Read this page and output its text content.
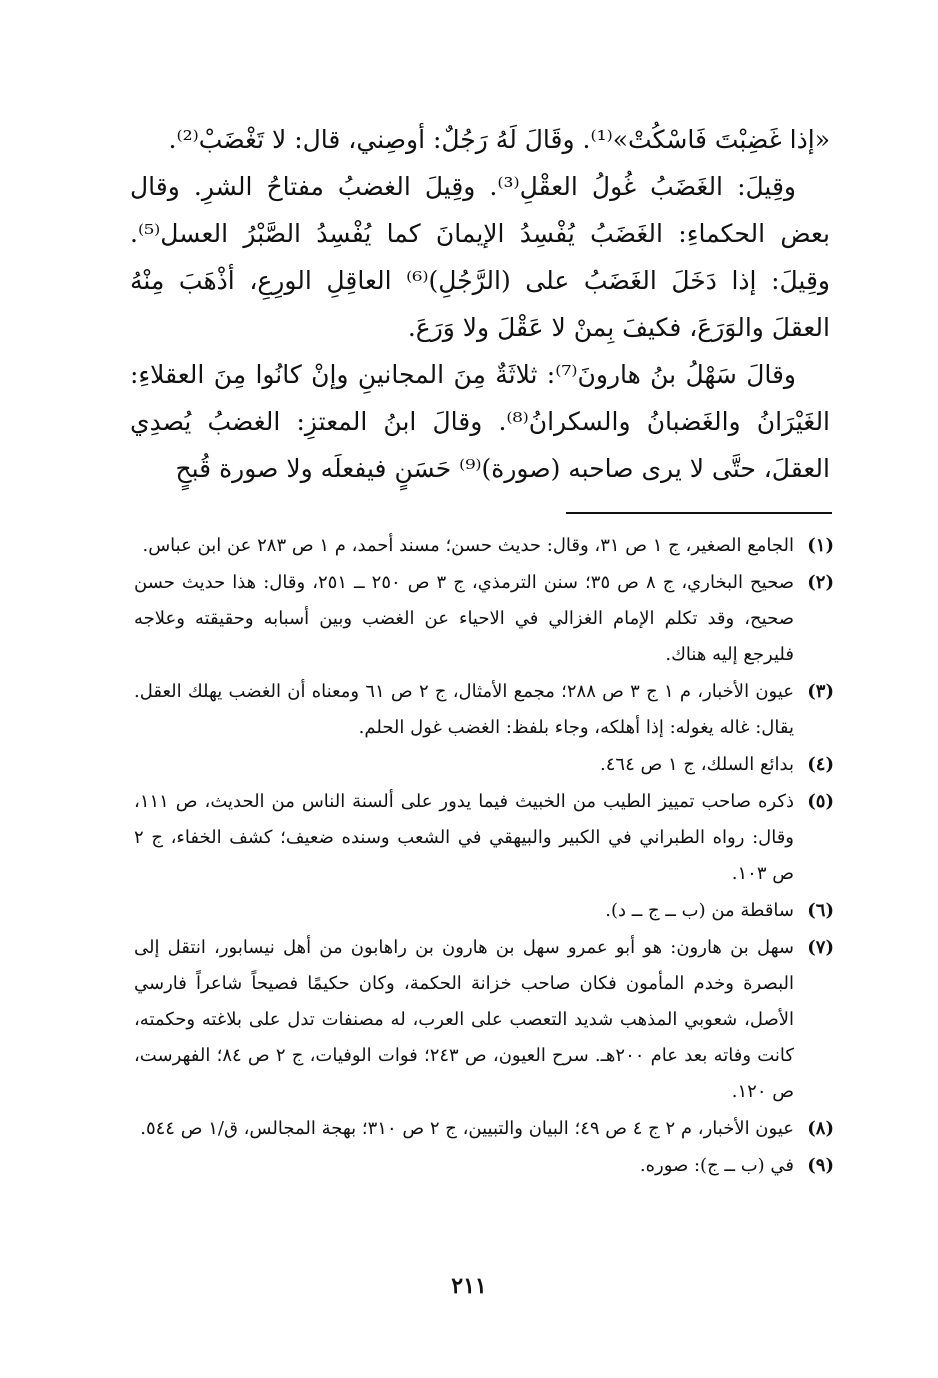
«إذا غَضِبْتَ فَاسْكُتْ»⁽¹⁾. وقَالَ لَهُ رَجُلٌ: أوصِني، قال: لا تَغْضَبْ⁽²⁾.

وقِيلَ: الغَضَبُ غُولُ العقْلِ⁽³⁾. وقِيلَ الغضبُ مفتاحُ الشرِ. وقال بعض الحكماءِ: الغَضَبُ يُفْسِدُ الإيمانَ كما يُفْسِدُ الصَّبْرُ العسل⁽⁵⁾. وقِيلَ: إذا دَخَلَ الغَضَبُ على (الرَّجُلِ)⁽⁶⁾ العاقِلِ الورِعِ، أذْهَبَ مِنْهُ العقلَ والوَرَعَ، فكيفَ بِمنْ لا عَقْلَ ولا وَرَعَ.

وقالَ سَهْلُ بنُ هارونَ⁽⁷⁾: ثلاثَةٌ مِنَ المجانينِ وإنْ كانُوا مِنَ العقلاءِ: الغَيْرَانُ والغَضبانُ والسكرانُ⁽⁸⁾. وقالَ ابنُ المعتزِ: الغضبُ يُصدِي العقلَ، حتَّى لا يرى صاحبه (صورة)⁽⁹⁾ حَسَنٍ فيفعلَه ولا صورة قُبحٍ

(١)
الجامع الصغير، ج ١ ص ٣١، وقال: حديث حسن؛ مسند أحمد، م ١ ص ٢٨٣ عن ابن عباس.
(٢)
صحيح البخاري، ج ٨ ص ٣٥؛ سنن الترمذي، ج ٣ ص ٢٥٠ ــ ٢٥١، وقال: هذا حديث حسن صحيح، وقد تكلم الإمام الغزالي في الاحياء عن الغضب وبين أسبابه وحقيقته وعلاجه فليرجع إليه هناك.
(٣)
عيون الأخبار، م ١ ج ٣ ص ٢٨٨؛ مجمع الأمثال، ج ٢ ص ٦١ ومعناه أن الغضب يهلك العقل. يقال: غاله يغوله: إذا أهلكه، وجاء بلفظ: الغضب غول الحلم.
(٤)
بدائع السلك، ج ١ ص ٤٦٤.
(٥)
ذكره صاحب تمييز الطيب من الخبيث فيما يدور على ألسنة الناس من الحديث، ص ١١١، وقال: رواه الطبراني في الكبير والبيهقي في الشعب وسنده ضعيف؛ كشف الخفاء، ج ٢ ص ١٠٣.
(٦)
ساقطة من (ب ــ ج ــ د).
(٧)
سهل بن هارون: هو أبو عمرو سهل بن هارون بن راهابون من أهل نيسابور، انتقل إلى البصرة وخدم المأمون فكان صاحب خزانة الحكمة، وكان حكيمًا فصيحاً شاعراً فارسي الأصل، شعوبي المذهب شديد التعصب على العرب، له مصنفات تدل على بلاغته وحكمته، كانت وفاته بعد عام ٢٠٠هـ. سرح العيون، ص ٢٤٣؛ فوات الوفيات، ج ٢ ص ٨٤؛ الفهرست، ص ١٢٠.
(٨)
عيون الأخبار، م ٢ ج ٤ ص ٤٩؛ البيان والتبيين، ج ٢ ص ٣١٠؛ بهجة المجالس، ق/١ ص ٥٤٤.
(٩)
في (ب ــ ج): صوره.
٢١١
